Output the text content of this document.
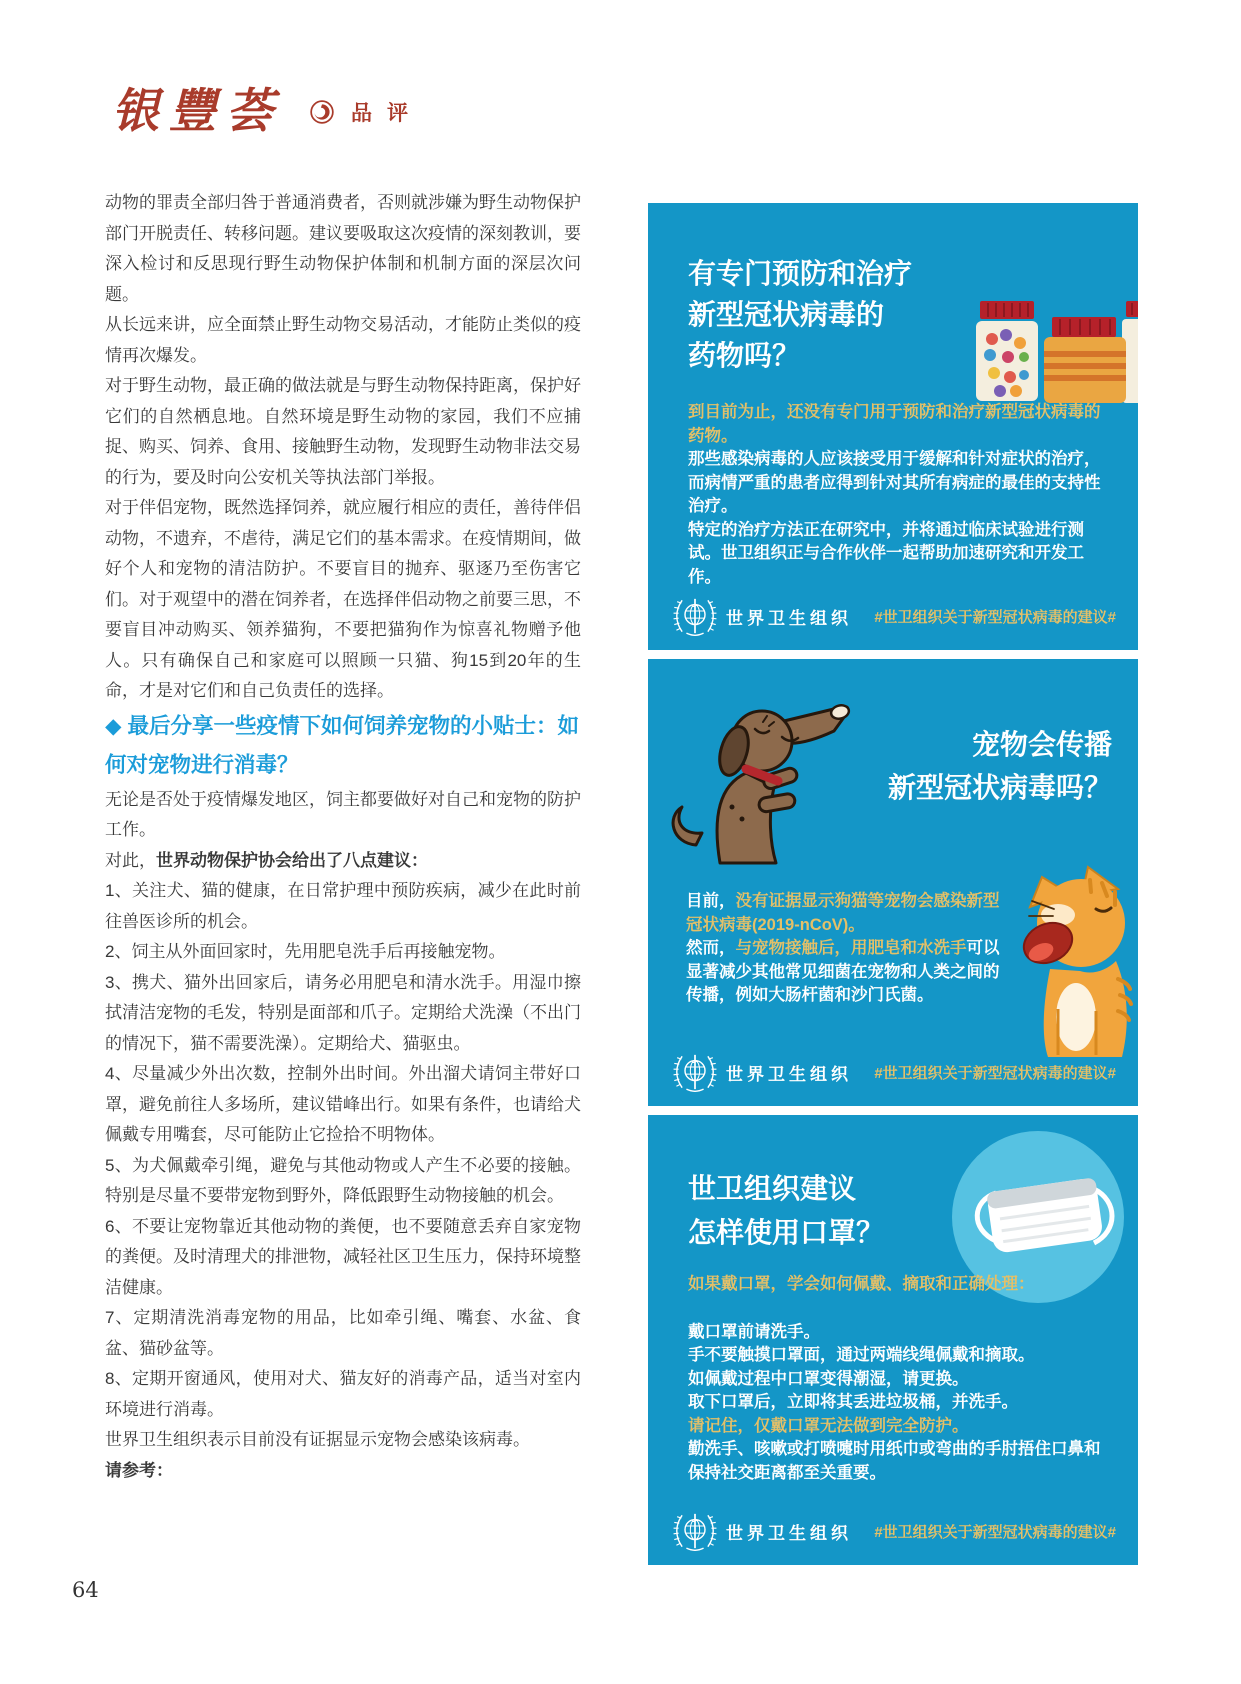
银豐荟	品评

动物的罪责全部归咎于普通消费者，否则就涉嫌为野生动物保护部门开脱责任、转移问题。建议要吸取这次疫情的深刻教训，要深入检讨和反思现行野生动物保护体制和机制方面的深层次问题。

从长远来讲，应全面禁止野生动物交易活动，才能防止类似的疫情再次爆发。

对于野生动物，最正确的做法就是与野生动物保持距离，保护好它们的自然栖息地。自然环境是野生动物的家园，我们不应捕捉、购买、饲养、食用、接触野生动物，发现野生动物非法交易的行为，要及时向公安机关等执法部门举报。

对于伴侣宠物，既然选择饲养，就应履行相应的责任，善待伴侣动物，不遗弃，不虐待，满足它们的基本需求。在疫情期间，做好个人和宠物的清洁防护。不要盲目的抛弃、驱逐乃至伤害它们。对于观望中的潜在饲养者，在选择伴侣动物之前要三思，不要盲目冲动购买、领养猫狗，不要把猫狗作为惊喜礼物赠予他人。只有确保自己和家庭可以照顾一只猫、狗15到20年的生命，才是对它们和自己负责任的选择。

◆ 最后分享一些疫情下如何饲养宠物的小贴士：如何对宠物进行消毒？

无论是否处于疫情爆发地区，饲主都要做好对自己和宠物的防护工作。

对此，世界动物保护协会给出了八点建议：

1、关注犬、猫的健康，在日常护理中预防疾病，减少在此时前往兽医诊所的机会。

2、饲主从外面回家时，先用肥皂洗手后再接触宠物。

3、携犬、猫外出回家后，请务必用肥皂和清水洗手。用湿巾擦拭清洁宠物的毛发，特别是面部和爪子。定期给犬洗澡（不出门的情况下，猫不需要洗澡）。定期给犬、猫驱虫。

4、尽量减少外出次数，控制外出时间。外出溜犬请饲主带好口罩，避免前往人多场所，建议错峰出行。如果有条件，也请给犬佩戴专用嘴套，尽可能防止它捡拾不明物体。

5、为犬佩戴牵引绳，避免与其他动物或人产生不必要的接触。特别是尽量不要带宠物到野外，降低跟野生动物接触的机会。

6、不要让宠物靠近其他动物的粪便，也不要随意丢弃自家宠物的粪便。及时清理犬的排泄物，减轻社区卫生压力，保持环境整洁健康。

7、定期清洗消毒宠物的用品，比如牵引绳、嘴套、水盆、食盆、猫砂盆等。

8、定期开窗通风，使用对犬、猫友好的消毒产品，适当对室内环境进行消毒。

世界卫生组织表示目前没有证据显示宠物会感染该病毒。

请参考：

有专门预防和治疗
新型冠状病毒的
药物吗？

到目前为止，还没有专门用于预防和治疗新型冠状病毒的药物。

那些感染病毒的人应该接受用于缓解和针对症状的治疗，而病情严重的患者应得到针对其所有病症的最佳的支持性治疗。

特定的治疗方法正在研究中，并将通过临床试验进行测试。世卫组织正与合作伙伴一起帮助加速研究和开发工作。

世界卫生组织 #世卫组织关于新型冠状病毒的建议#
宠物会传播
新型冠状病毒吗？

目前，没有证据显示狗猫等宠物会感染新型冠状病毒(2019-nCoV)。

然而，与宠物接触后，用肥皂和水洗手可以显著减少其他常见细菌在宠物和人类之间的传播，例如大肠杆菌和沙门氏菌。

世界卫生组织 #世卫组织关于新型冠状病毒的建议#
世卫组织建议
怎样使用口罩？

如果戴口罩，学会如何佩戴、摘取和正确处理：

戴口罩前请洗手。

手不要触摸口罩面，通过两端线绳佩戴和摘取。

如佩戴过程中口罩变得潮湿，请更换。

取下口罩后，立即将其丢进垃圾桶，并洗手。

请记住，仅戴口罩无法做到完全防护。

勤洗手、咳嗽或打喷嚏时用纸巾或弯曲的手肘捂住口鼻和保持社交距离都至关重要。

世界卫生组织 #世卫组织关于新型冠状病毒的建议#
64
